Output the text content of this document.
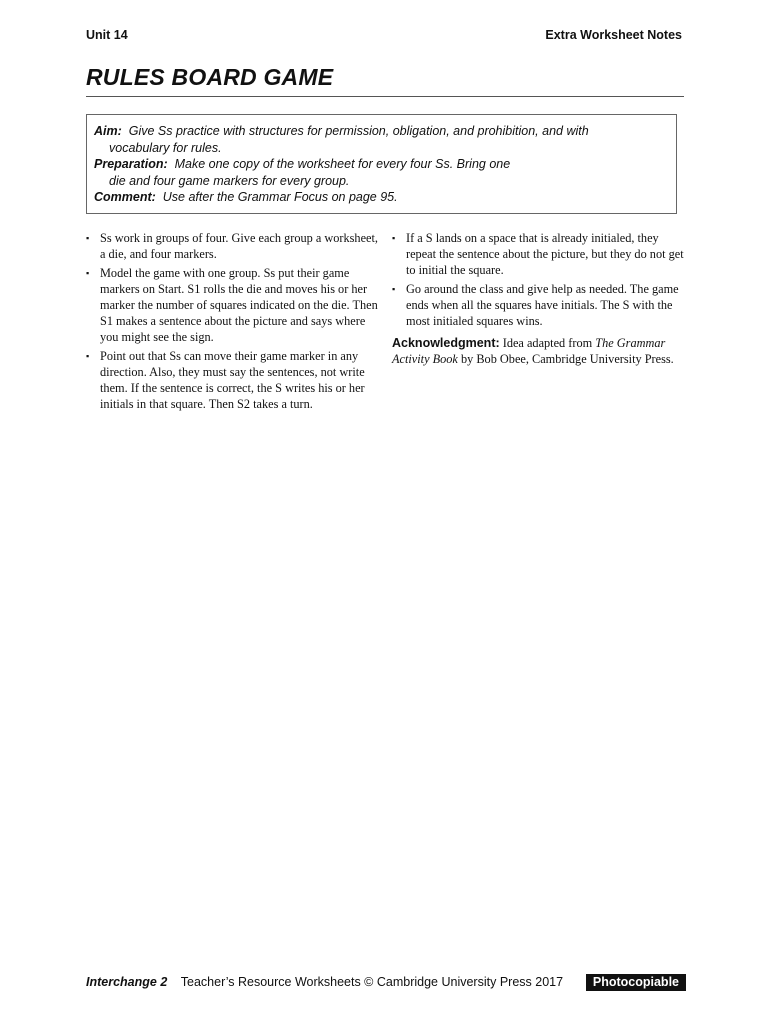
Unit 14	Extra Worksheet Notes
RULES BOARD GAME
Aim: Give Ss practice with structures for permission, obligation, and prohibition, and with
vocabulary for rules.
Preparation: Make one copy of the worksheet for every four Ss. Bring one
die and four game markers for every group.
Comment: Use after the Grammar Focus on page 95.
▪ Ss work in groups of four. Give each group a worksheet, a die, and four markers.
▪ Model the game with one group. Ss put their game markers on Start. S1 rolls the die and moves his or her marker the number of squares indicated on the die. Then S1 makes a sentence about the picture and says where you might see the sign.
▪ Point out that Ss can move their game marker in any direction. Also, they must say the sentences, not write them. If the sentence is correct, the S writes his or her initials in that square. Then S2 takes a turn.
▪ If a S lands on a space that is already initialed, they repeat the sentence about the picture, but they do not get to initial the square.
▪ Go around the class and give help as needed. The game ends when all the squares have initials. The S with the most initialed squares wins.
Acknowledgment: Idea adapted from The Grammar Activity Book by Bob Obee, Cambridge University Press.
Interchange 2 Teacher’s Resource Worksheets © Cambridge University Press 2017	Photocopiable
